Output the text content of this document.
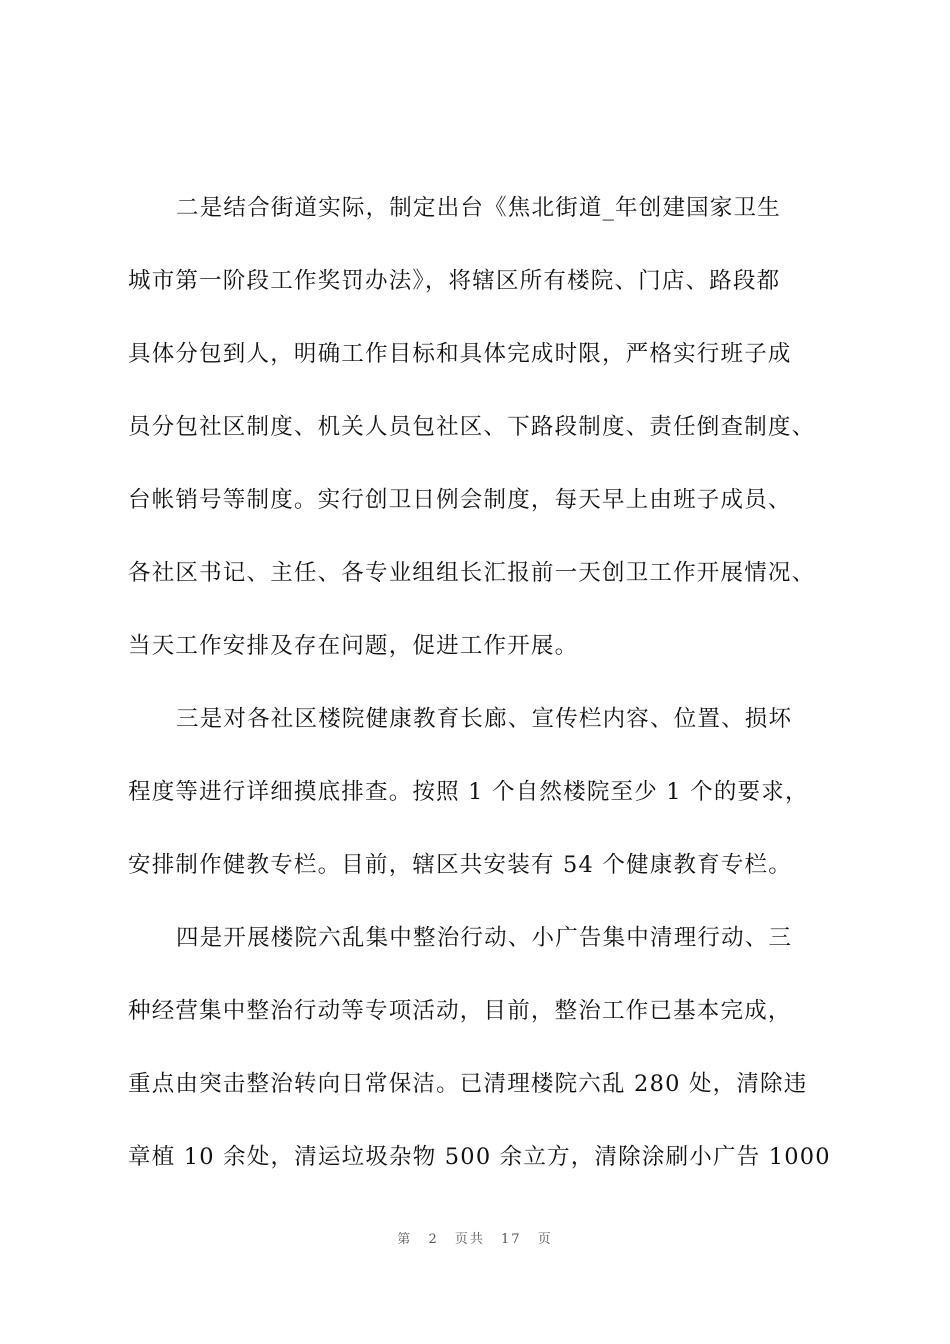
二是结合街道实际，制定出台《焦北街道_年创建国家卫生
城市第一阶段工作奖罚办法》，将辖区所有楼院、门店、路段都
具体分包到人，明确工作目标和具体完成时限，严格实行班子成
员分包社区制度、机关人员包社区、下路段制度、责任倒查制度、
台帐销号等制度。实行创卫日例会制度，每天早上由班子成员、
各社区书记、主任、各专业组组长汇报前一天创卫工作开展情况、
当天工作安排及存在问题，促进工作开展。
三是对各社区楼院健康教育长廊、宣传栏内容、位置、损坏
程度等进行详细摸底排查。按照 1 个自然楼院至少 1 个的要求，
安排制作健教专栏。目前，辖区共安装有 54 个健康教育专栏。
四是开展楼院六乱集中整治行动、小广告集中清理行动、三
种经营集中整治行动等专项活动，目前，整治工作已基本完成，
重点由突击整治转向日常保洁。已清理楼院六乱 280 处，清除违
章植 10 余处，清运垃圾杂物 500 余立方，清除涂刷小广告 1000
第 2 页共 17 页
